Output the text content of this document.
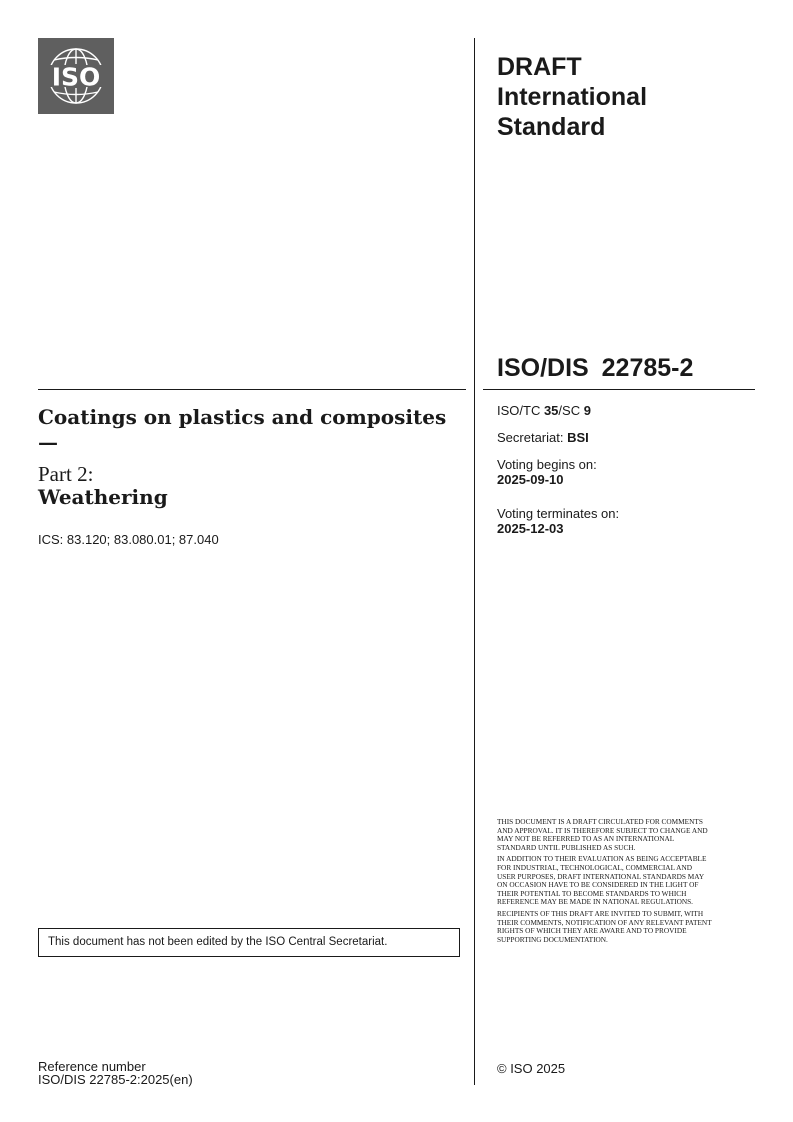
ISO	DRAFT
International
Standard
ISO/DIS 22785-2
Coatings on plastics and composites —
Part 2:
Weathering
ICS: 83.120; 83.080.01; 87.040
ISO/TC 35/SC 9
Secretariat: BSI
Voting begins on:
2025-09-10
Voting terminates on:
2025-12-03
This document has not been edited by the ISO Central Secretariat.

THIS DOCUMENT IS A DRAFT CIRCULATED FOR COMMENTS AND APPROVAL. IT IS THEREFORE SUBJECT TO CHANGE AND MAY NOT BE REFERRED TO AS AN INTERNATIONAL STANDARD UNTIL PUBLISHED AS SUCH.

IN ADDITION TO THEIR EVALUATION AS BEING ACCEPTABLE FOR INDUSTRIAL, TECHNOLOGICAL, COMMERCIAL AND USER PURPOSES, DRAFT INTERNATIONAL STANDARDS MAY ON OCCASION HAVE TO BE CONSIDERED IN THE LIGHT OF THEIR POTENTIAL TO BECOME STANDARDS TO WHICH REFERENCE MAY BE MADE IN NATIONAL REGULATIONS.

RECIPIENTS OF THIS DRAFT ARE INVITED TO SUBMIT, WITH THEIR COMMENTS, NOTIFICATION OF ANY RELEVANT PATENT RIGHTS OF WHICH THEY ARE AWARE AND TO PROVIDE SUPPORTING DOCUMENTATION.

Reference number
ISO/DIS 22785-2:2025(en)
© ISO 2025
